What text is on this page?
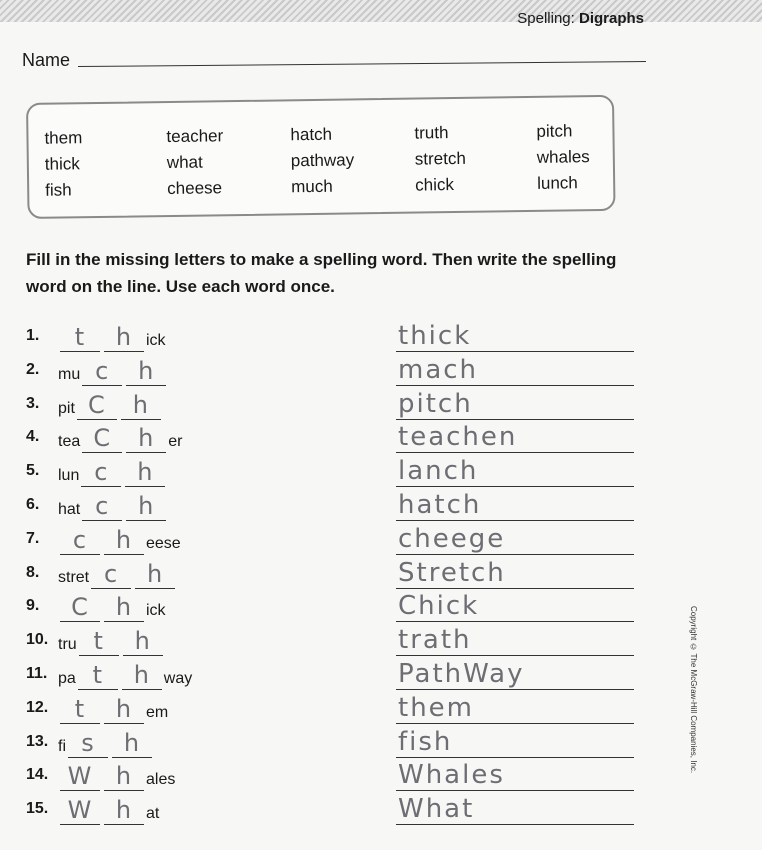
Spelling: Digraphs
Name
them
thick
fish
teacher
what
cheese
hatch
pathway
much
truth
stretch
chick
pitch
whales
lunch
Fill in the missing letters to make a spelling word. Then write the spelling word on the line. Use each word once.
1.	t	h ick	thick
2. mu c	h	mach
3. pit C	h	pitch
4. tea C	h er	teachen
5. lun c	h	lanch
6. hat c	h	hatch
7.	c	h eese	cheege
8. stret c	h	Stretch
9.	C	h ick	Chick
10. tru t	h	trath
11. pa t	h way	PathWay
12.	t	h em	them
13. fi s	h	fish
14. W h ales	Whales
15. W h at	What
Copyright © The McGraw-Hill Companies, Inc.
